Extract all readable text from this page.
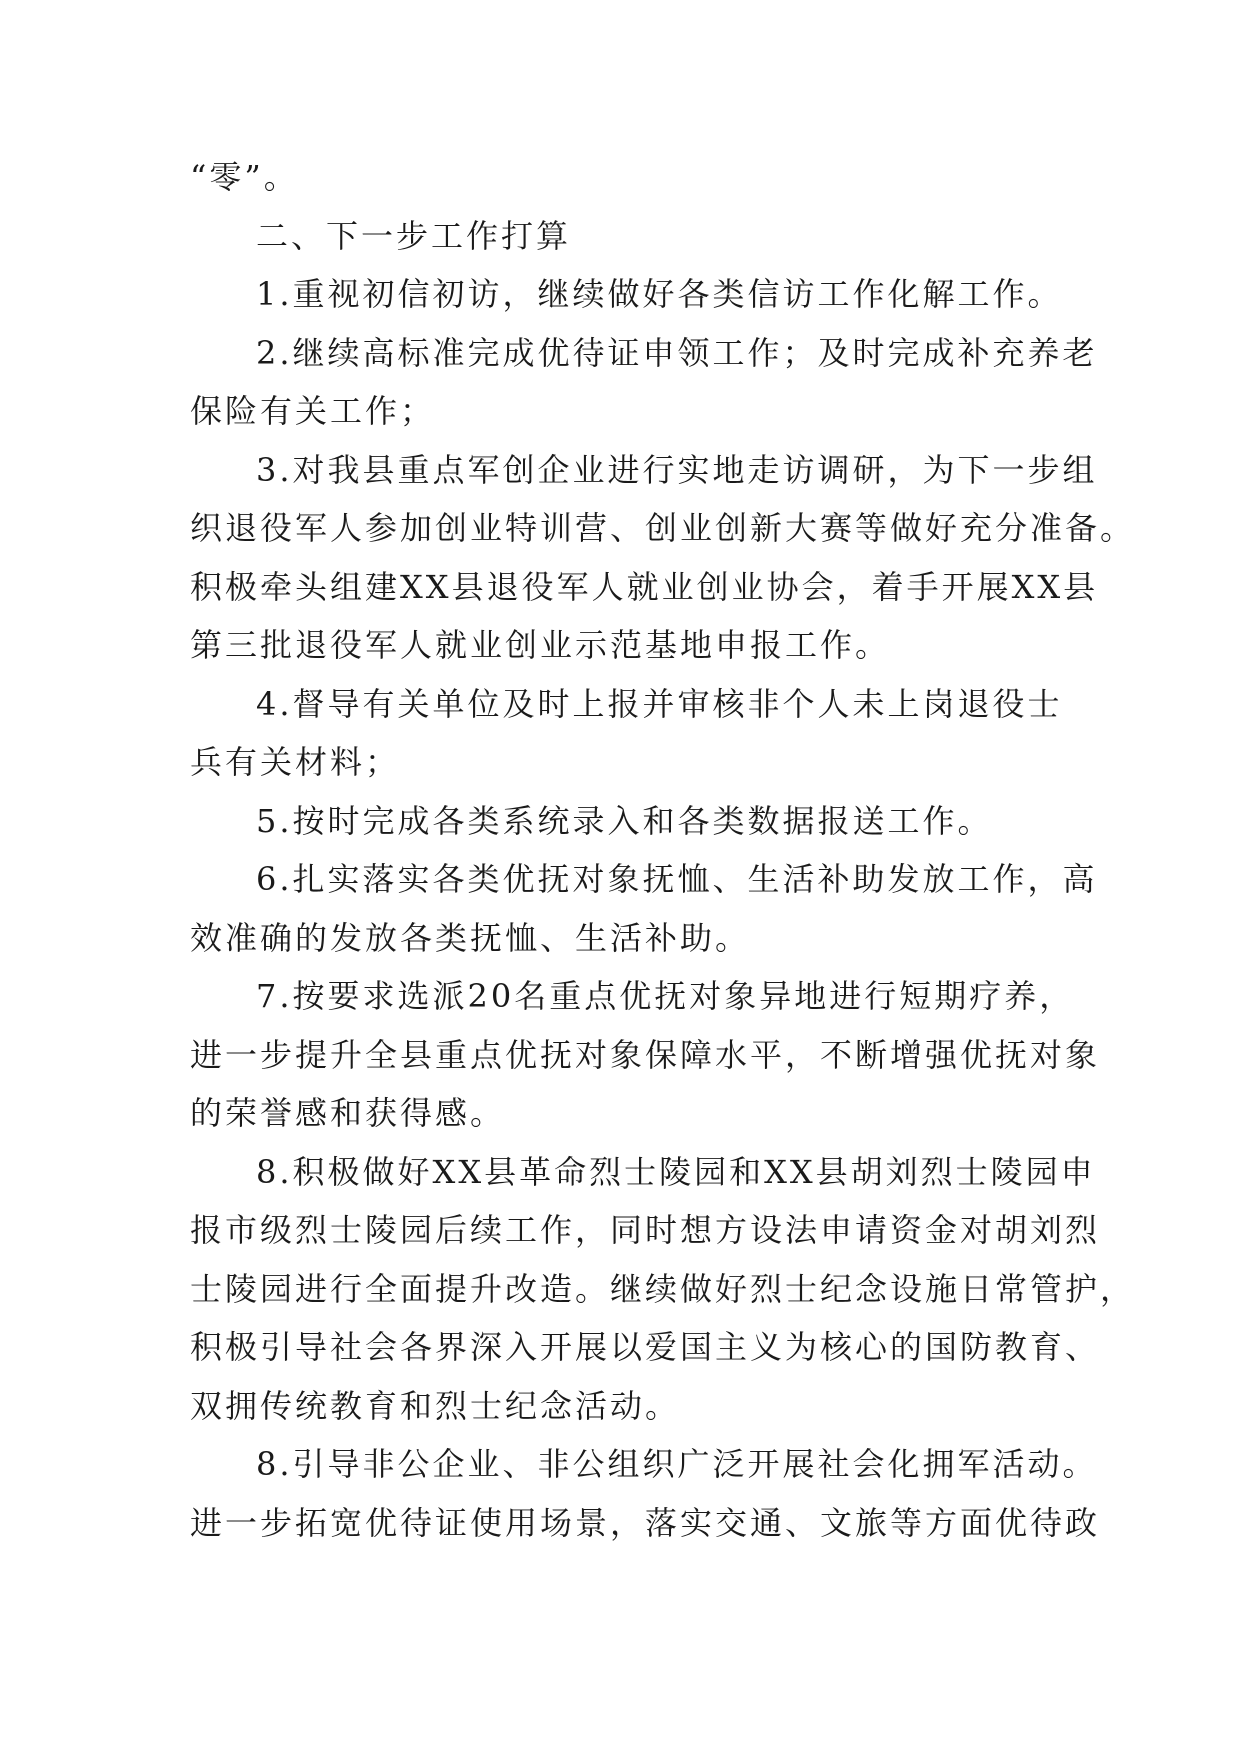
“零”。
二、下一步工作打算
1.重视初信初访，继续做好各类信访工作化解工作。
2.继续高标准完成优待证申领工作；及时完成补充养老
保险有关工作；
3.对我县重点军创企业进行实地走访调研，为下一步组
织退役军人参加创业特训营、创业创新大赛等做好充分准备。
积极牵头组建XX县退役军人就业创业协会，着手开展XX县
第三批退役军人就业创业示范基地申报工作。
4.督导有关单位及时上报并审核非个人未上岗退役士
兵有关材料；
5.按时完成各类系统录入和各类数据报送工作。
6.扎实落实各类优抚对象抚恤、生活补助发放工作，高
效准确的发放各类抚恤、生活补助。
7.按要求选派20名重点优抚对象异地进行短期疗养，
进一步提升全县重点优抚对象保障水平，不断增强优抚对象
的荣誉感和获得感。
8.积极做好XX县革命烈士陵园和XX县胡刘烈士陵园申
报市级烈士陵园后续工作，同时想方设法申请资金对胡刘烈
士陵园进行全面提升改造。继续做好烈士纪念设施日常管护，
积极引导社会各界深入开展以爱国主义为核心的国防教育、
双拥传统教育和烈士纪念活动。
8.引导非公企业、非公组织广泛开展社会化拥军活动。
进一步拓宽优待证使用场景，落实交通、文旅等方面优待政
